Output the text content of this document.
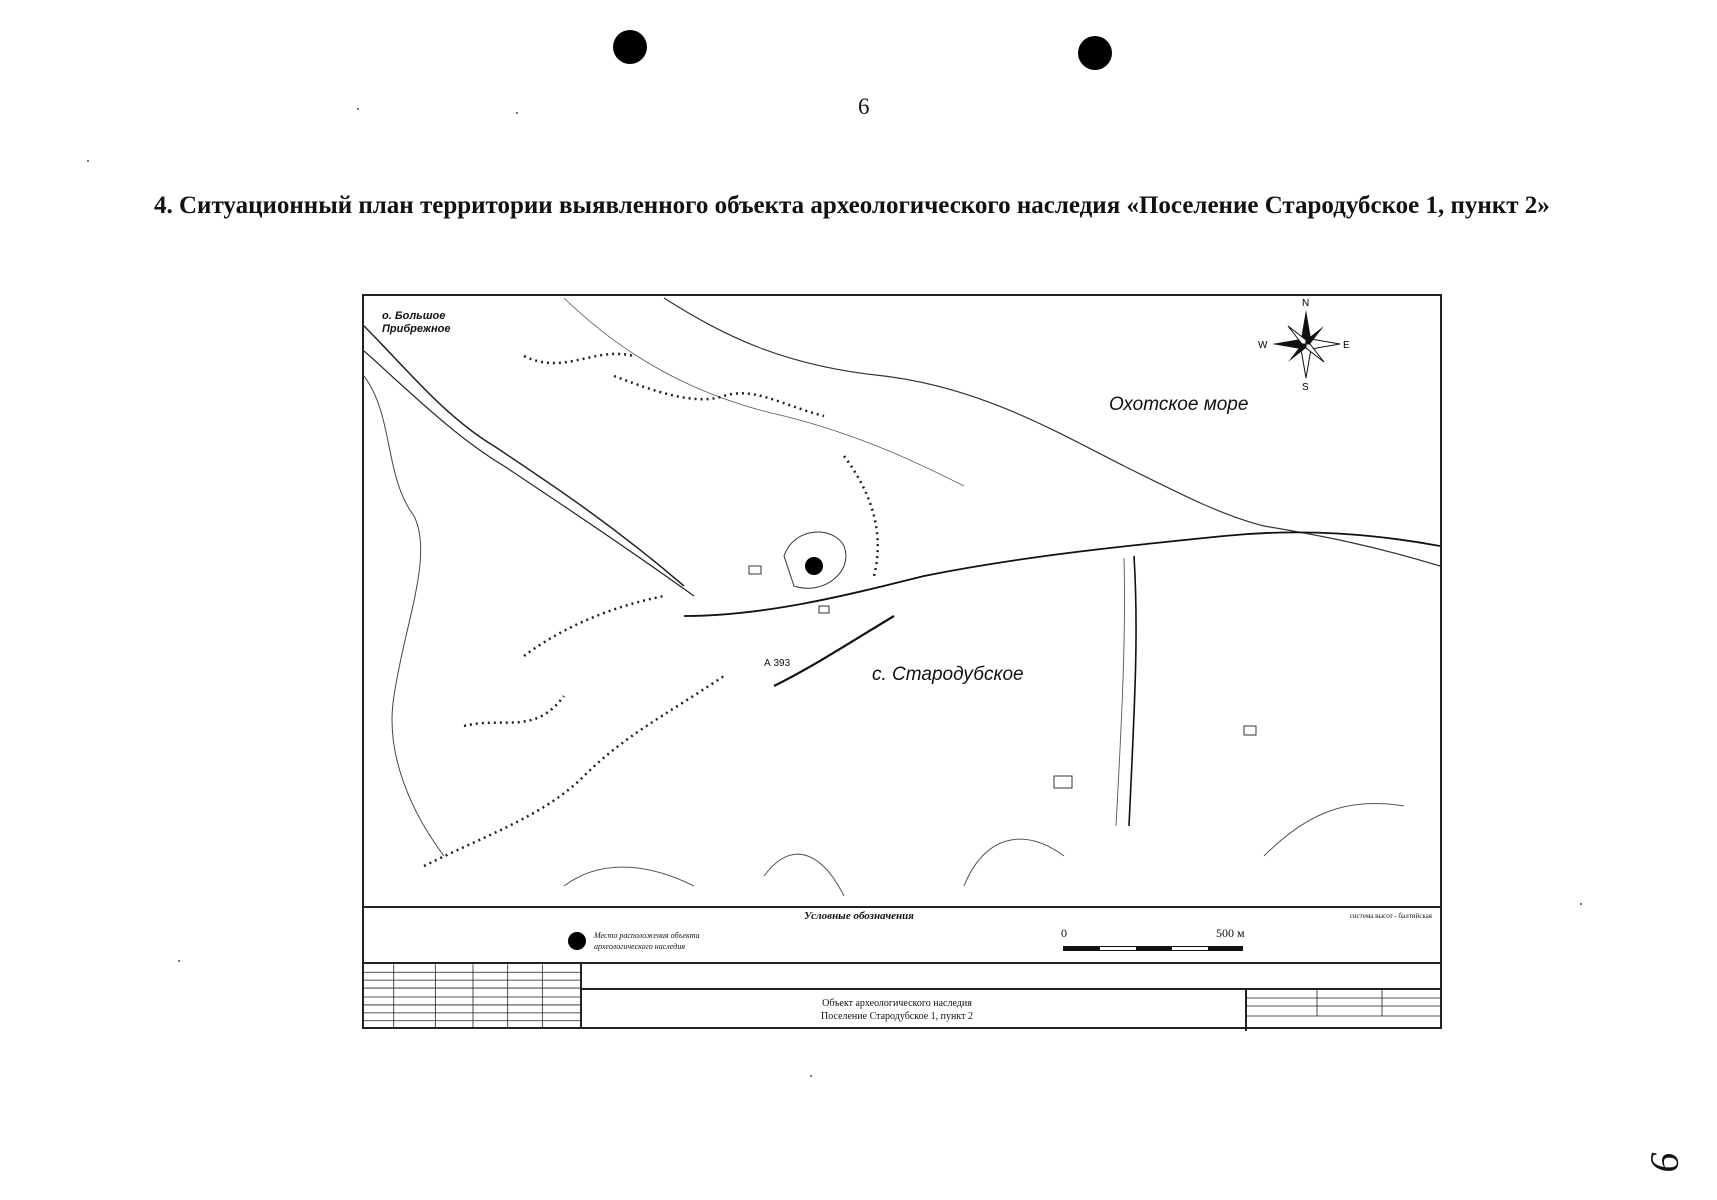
6
4. Ситуационный план территории выявленного объекта археологического наследия «Поселение Стародубское 1, пункт 2»
N
S
E
W
о. Большое Прибрежное
Охотское море
с. Стародубское
А 393
Условные обозначения
Место расположения объекта археологического наследия
0	500 м
система высот - балтийская
Объект археологического наследия
Поселение Стародубское 1, пункт 2
9
